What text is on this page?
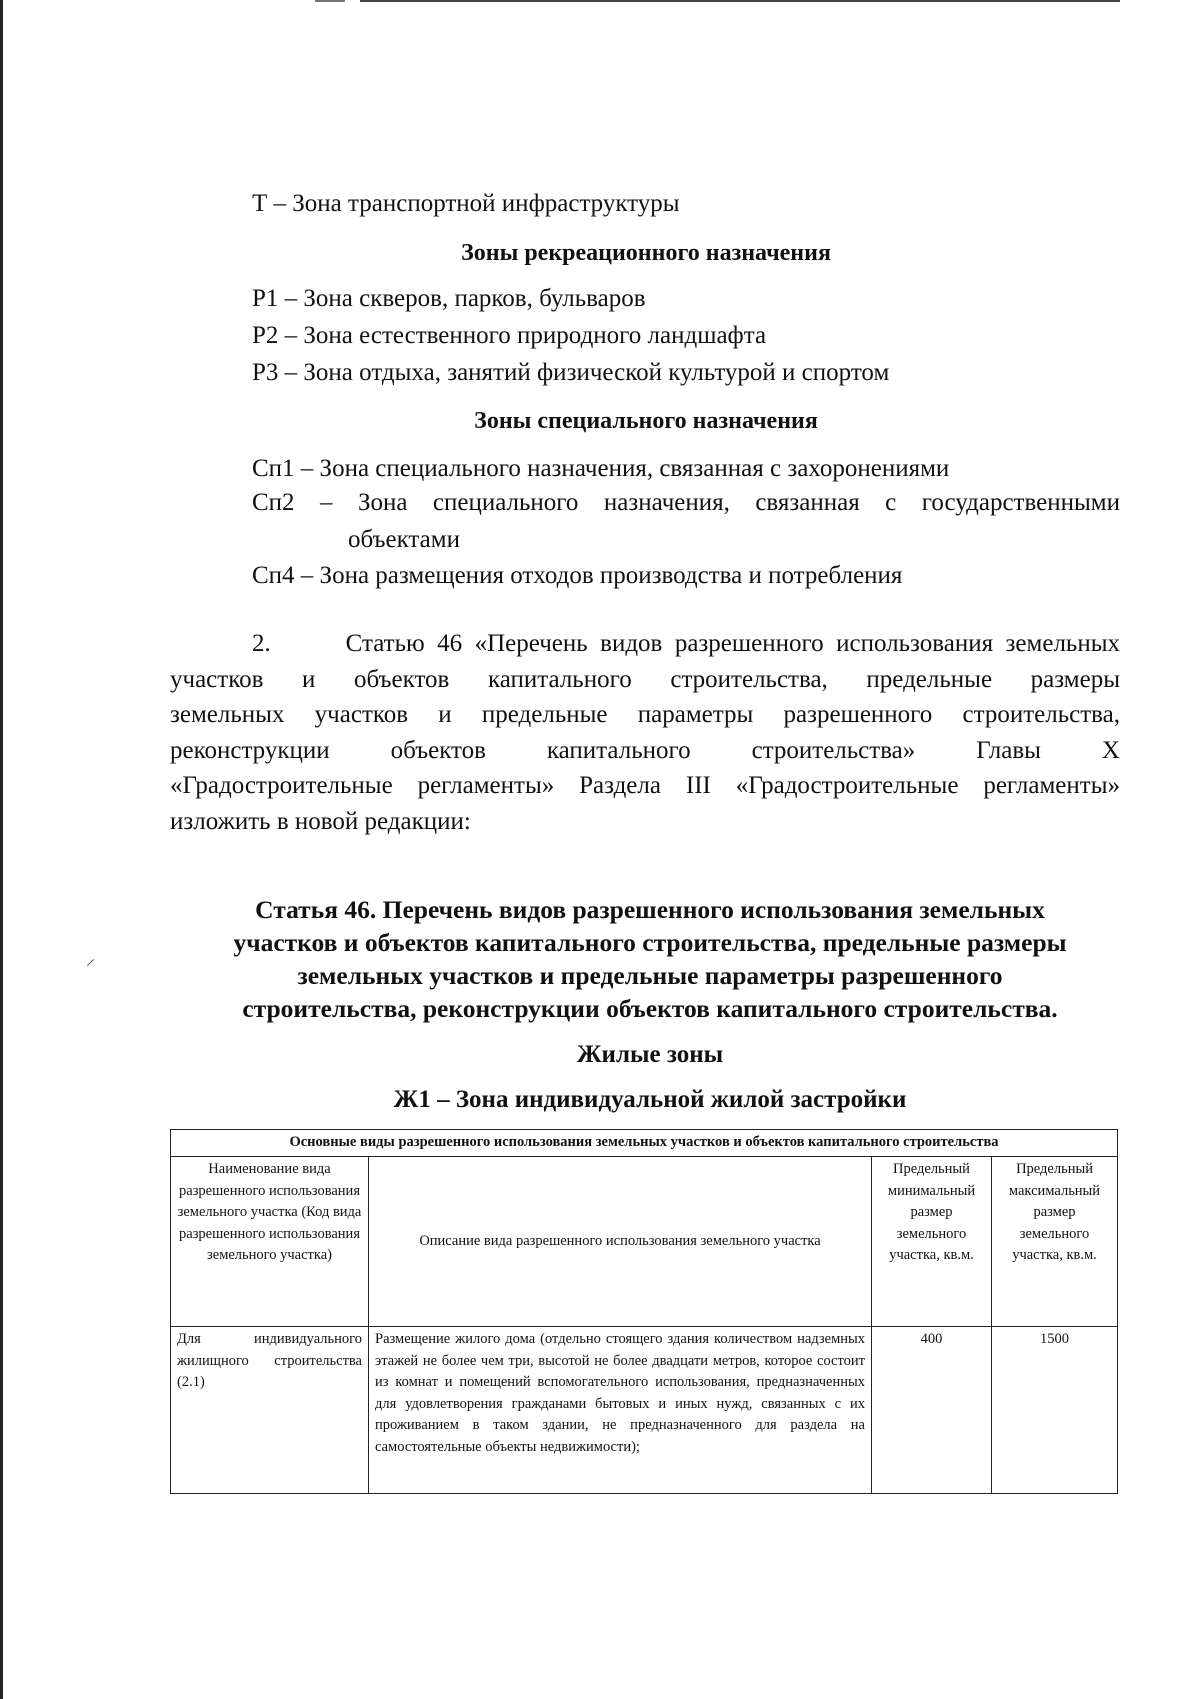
Т – Зона транспортной инфраструктуры
Зоны рекреационного назначения
Р1 – Зона скверов, парков, бульваров
Р2 – Зона естественного природного ландшафта
Р3 – Зона отдыха, занятий физической культурой и спортом
Зоны специального назначения
Сп1 – Зона специального назначения, связанная с захоронениями
Сп2 – Зона специального назначения, связанная с государственными
объектами
Сп4 – Зона размещения отходов производства и потребления
2.      Статью 46 «Перечень видов разрешенного использования земельных
участков и объектов капитального строительства, предельные размеры
земельных участков и предельные параметры разрешенного строительства,
реконструкции объектов капитального строительства» Главы Х
«Градостроительные регламенты» Раздела III «Градостроительные регламенты»
изложить в новой редакции:
Статья 46. Перечень видов разрешенного использования земельных
участков и объектов капитального строительства, предельные размеры
земельных участков и предельные параметры разрешенного
строительства, реконструкции объектов капитального строительства.
Жилые зоны
Ж1 – Зона индивидуальной жилой застройки
Основные виды разрешенного использования земельных участков и объектов капитального строительства			
Наименование вида разрешенного использования земельного участка (Код вида разрешенного использования земельного участка)	Описание вида разрешенного использования земельного участка	Предельный минимальный размер земельного участка, кв.м.	Предельный максимальный размер земельного участка, кв.м.

Для индивидуального жилищного строительства (2.1)	Размещение жилого дома (отдельно стоящего здания количеством надземных этажей не более чем три, высотой не более двадцати метров, которое состоит из комнат и помещений вспомогательного использования, предназначенных для удовлетворения гражданами бытовых и иных нужд, связанных с их проживанием в таком здании, не предназначенного для раздела на самостоятельные объекты недвижимости);	400	1500
